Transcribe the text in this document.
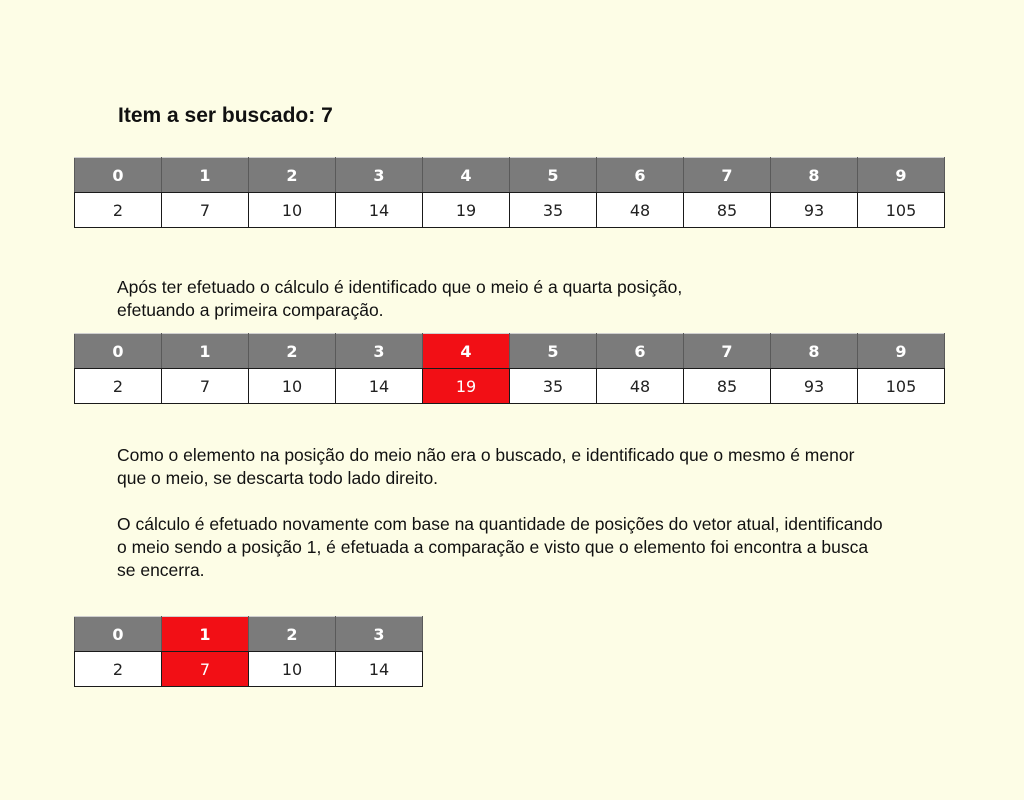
Item a ser buscado: 7
0	1	2	3	4	5	6	7	8	9
2	7	10	14	19	35	48	85	93	105
Após ter efetuado o cálculo é identificado que o meio é a quarta posição,
efetuando a primeira comparação.
0	1	2	3	4	5	6	7	8	9
2	7	10	14	19	35	48	85	93	105
Como o elemento na posição do meio não era o buscado, e identificado que o mesmo é menor
que o meio, se descarta todo lado direito.
O cálculo é efetuado novamente com base na quantidade de posições do vetor atual, identificando
o meio sendo a posição 1, é efetuada a comparação e visto que o elemento foi encontra a busca
se encerra.
0	1	2	3
2	7	10	14
